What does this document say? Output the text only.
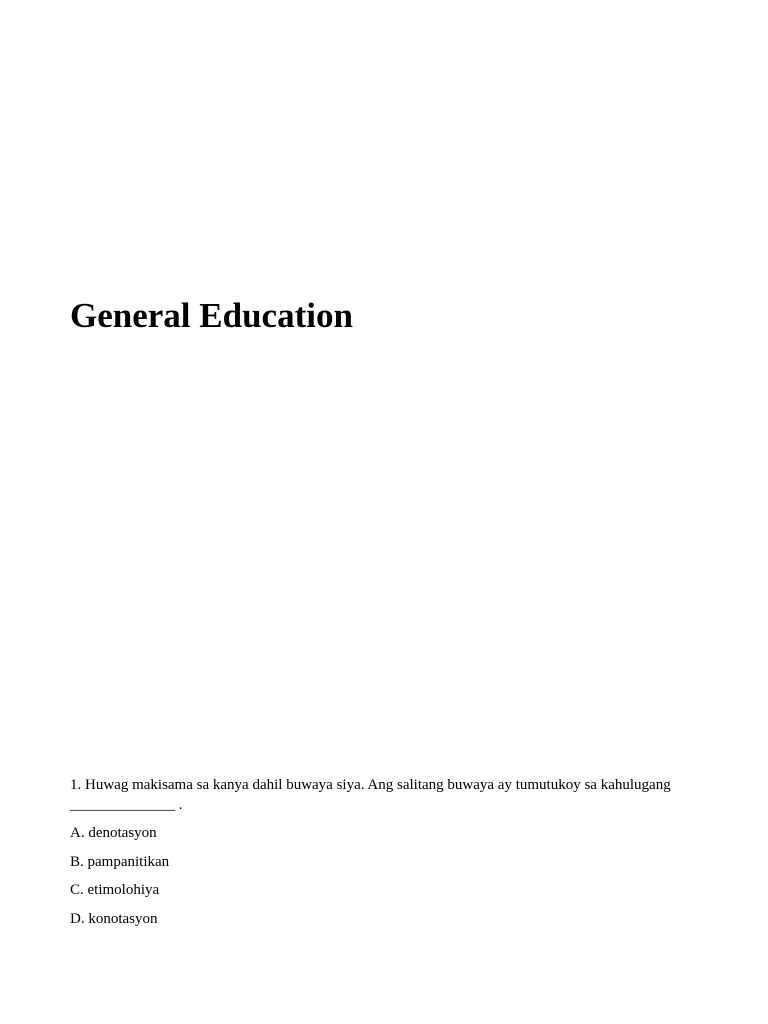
General Education
1. Huwag makisama sa kanya dahil buwaya siya. Ang salitang buwaya ay tumutukoy sa kahulugang
______________ .
A. denotasyon
B. pampanitikan
C. etimolohiya
D. konotasyon
